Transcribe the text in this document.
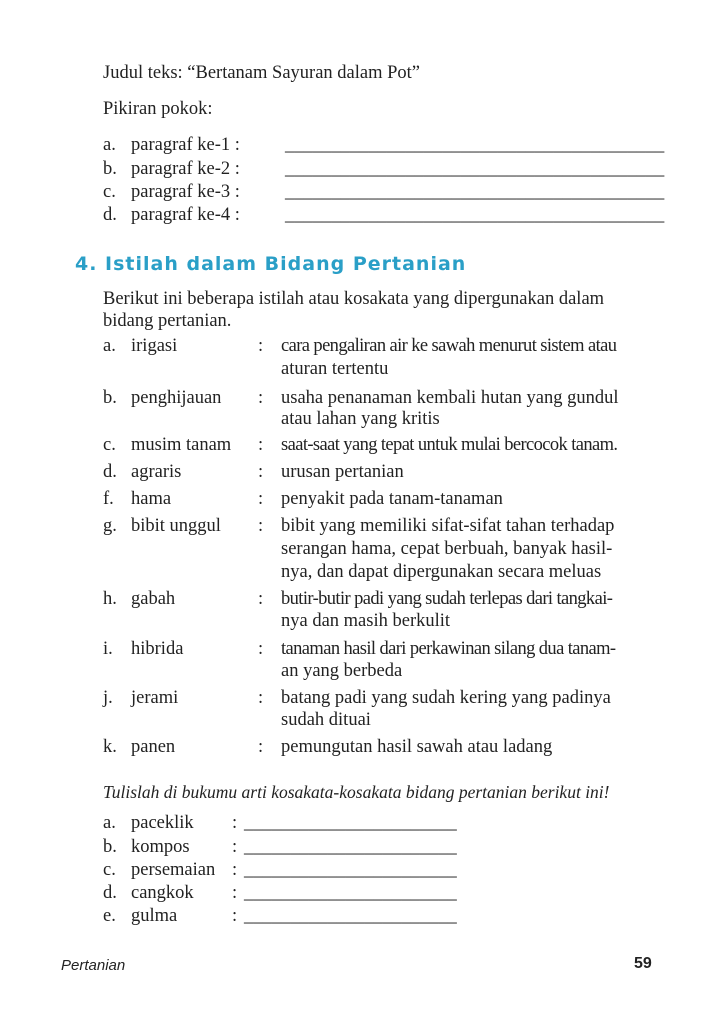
Judul teks: “Bertanam Sayuran dalam Pot”
Pikiran pokok:
a. paragraf ke-1 : _________________________________________
b. paragraf ke-2 : _________________________________________
c. paragraf ke-3 : _________________________________________
d. paragraf ke-4 : _________________________________________
4. Istilah dalam Bidang Pertanian
Berikut ini beberapa istilah atau kosakata yang dipergunakan dalam
bidang pertanian.
a. irigasi	: cara pengaliran air ke sawah menurut sistem atau
aturan tertentu
b. penghijauan : usaha penanaman kembali hutan yang gundul
atau lahan yang kritis
c. musim tanam : saat-saat yang tepat untuk mulai bercocok tanam.
d. agraris	: urusan pertanian
f. hama	: penyakit pada tanam-tanaman
g. bibit unggul : bibit yang memiliki sifat-sifat tahan terhadap
serangan hama, cepat berbuah, banyak hasil-
nya, dan dapat dipergunakan secara meluas
h. gabah	: butir-butir padi yang sudah terlepas dari tangkai-
nya dan masih berkulit
i. hibrida	: tanaman hasil dari perkawinan silang dua tanam-
an yang berbeda
j. jerami	: batang padi yang sudah kering yang padinya
sudah dituai
k. panen	: pemungutan hasil sawah atau ladang
Tulislah di bukumu arti kosakata-kosakata bidang pertanian berikut ini!
a. paceklik : _______________________
b. kompos : _______________________
c. persemaian : _______________________
d. cangkok : _______________________
e. gulma	: _______________________
Pertanian	59
